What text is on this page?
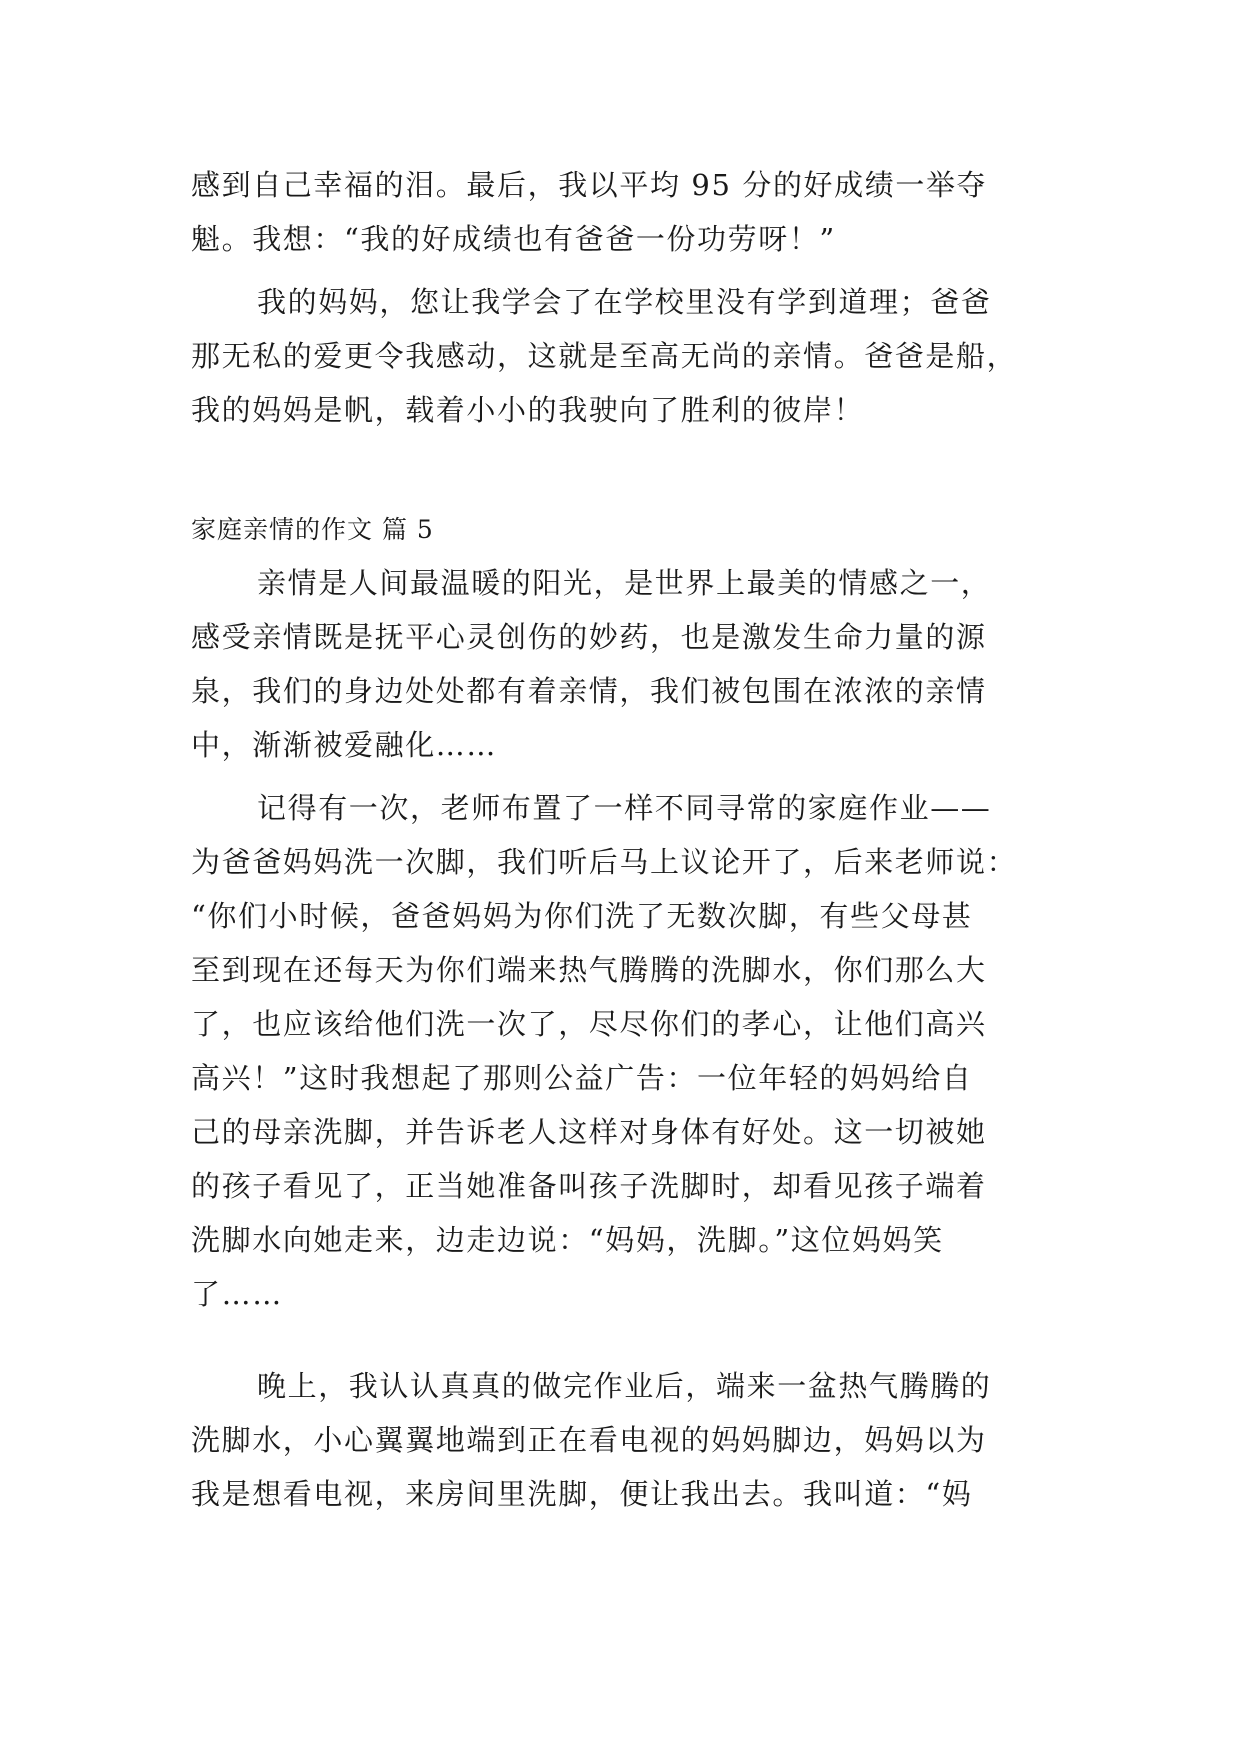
感到自己幸福的泪。最后，我以平均 95 分的好成绩一举夺
魁。我想：“我的好成绩也有爸爸一份功劳呀！”
我的妈妈，您让我学会了在学校里没有学到道理；爸爸
那无私的爱更令我感动，这就是至高无尚的亲情。爸爸是船，
我的妈妈是帆，载着小小的我驶向了胜利的彼岸！
家庭亲情的作文 篇 5
亲情是人间最温暖的阳光，是世界上最美的情感之一，
感受亲情既是抚平心灵创伤的妙药，也是激发生命力量的源
泉，我们的身边处处都有着亲情，我们被包围在浓浓的亲情
中，渐渐被爱融化……
记得有一次，老师布置了一样不同寻常的家庭作业——
为爸爸妈妈洗一次脚，我们听后马上议论开了，后来老师说：
“你们小时候，爸爸妈妈为你们洗了无数次脚，有些父母甚
至到现在还每天为你们端来热气腾腾的洗脚水，你们那么大
了，也应该给他们洗一次了，尽尽你们的孝心，让他们高兴
高兴！”这时我想起了那则公益广告：一位年轻的妈妈给自
己的母亲洗脚，并告诉老人这样对身体有好处。这一切被她
的孩子看见了，正当她准备叫孩子洗脚时，却看见孩子端着
洗脚水向她走来，边走边说：“妈妈，洗脚。”这位妈妈笑
了……
晚上，我认认真真的做完作业后，端来一盆热气腾腾的
洗脚水，小心翼翼地端到正在看电视的妈妈脚边，妈妈以为
我是想看电视，来房间里洗脚，便让我出去。我叫道：“妈
